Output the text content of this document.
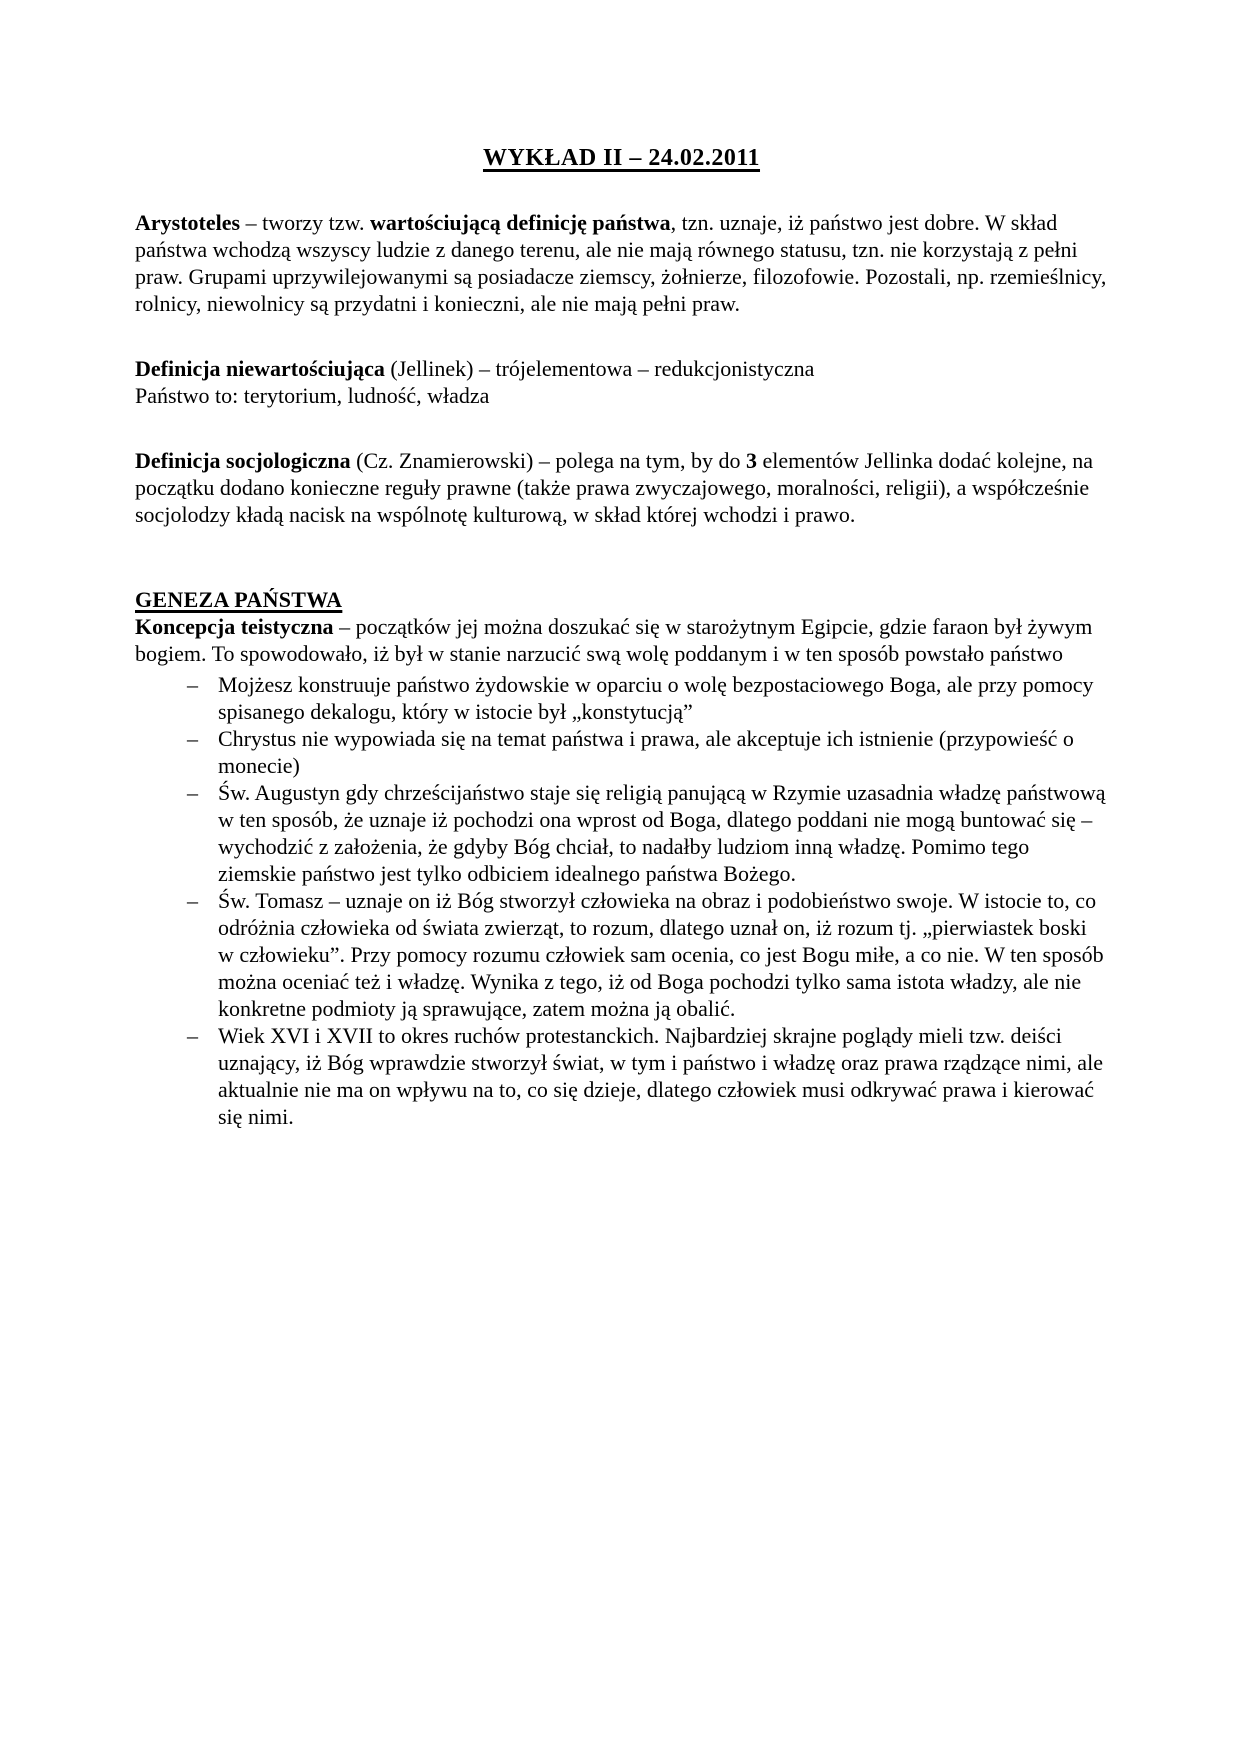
WYKŁAD II – 24.02.2011

Arystoteles – tworzy tzw. wartościującą definicję państwa, tzn. uznaje, iż państwo jest dobre. W skład państwa wchodzą wszyscy ludzie z danego terenu, ale nie mają równego statusu, tzn. nie korzystają z pełni praw. Grupami uprzywilejowanymi są posiadacze ziemscy, żołnierze, filozofowie. Pozostali, np. rzemieślnicy, rolnicy, niewolnicy są przydatni i konieczni, ale nie mają pełni praw.

Definicja niewartościująca (Jellinek) – trójelementowa – redukcjonistyczna
Państwo to: terytorium, ludność, władza

Definicja socjologiczna (Cz. Znamierowski) – polega na tym, by do 3 elementów Jellinka dodać kolejne, na początku dodano konieczne reguły prawne (także prawa zwyczajowego, moralności, religii), a współcześnie socjolodzy kładą nacisk na wspólnotę kulturową, w skład której wchodzi i prawo.

GENEZA PAŃSTWA

Koncepcja teistyczna – początków jej można doszukać się w starożytnym Egipcie, gdzie faraon był żywym bogiem. To spowodowało, iż był w stanie narzucić swą wolę poddanym i w ten sposób powstało państwo

– Mojżesz konstruuje państwo żydowskie w oparciu o wolę bezpostaciowego Boga, ale przy pomocy spisanego dekalogu, który w istocie był „konstytucją”
– Chrystus nie wypowiada się na temat państwa i prawa, ale akceptuje ich istnienie (przypowieść o monecie)
– Św. Augustyn gdy chrześcijaństwo staje się religią panującą w Rzymie uzasadnia władzę państwową w ten sposób, że uznaje iż pochodzi ona wprost od Boga, dlatego poddani nie mogą buntować się – wychodzić z założenia, że gdyby Bóg chciał, to nadałby ludziom inną władzę. Pomimo tego ziemskie państwo jest tylko odbiciem idealnego państwa Bożego.
– Św. Tomasz – uznaje on iż Bóg stworzył człowieka na obraz i podobieństwo swoje. W istocie to, co odróżnia człowieka od świata zwierząt, to rozum, dlatego uznał on, iż rozum tj. „pierwiastek boski w człowieku”. Przy pomocy rozumu człowiek sam ocenia, co jest Bogu miłe, a co nie. W ten sposób można oceniać też i władzę. Wynika z tego, iż od Boga pochodzi tylko sama istota władzy, ale nie konkretne podmioty ją sprawujące, zatem można ją obalić.
– Wiek XVI i XVII to okres ruchów protestanckich. Najbardziej skrajne poglądy mieli tzw. deiści uznający, iż Bóg wprawdzie stworzył świat, w tym i państwo i władzę oraz prawa rządzące nimi, ale aktualnie nie ma on wpływu na to, co się dzieje, dlatego człowiek musi odkrywać prawa i kierować się nimi.
